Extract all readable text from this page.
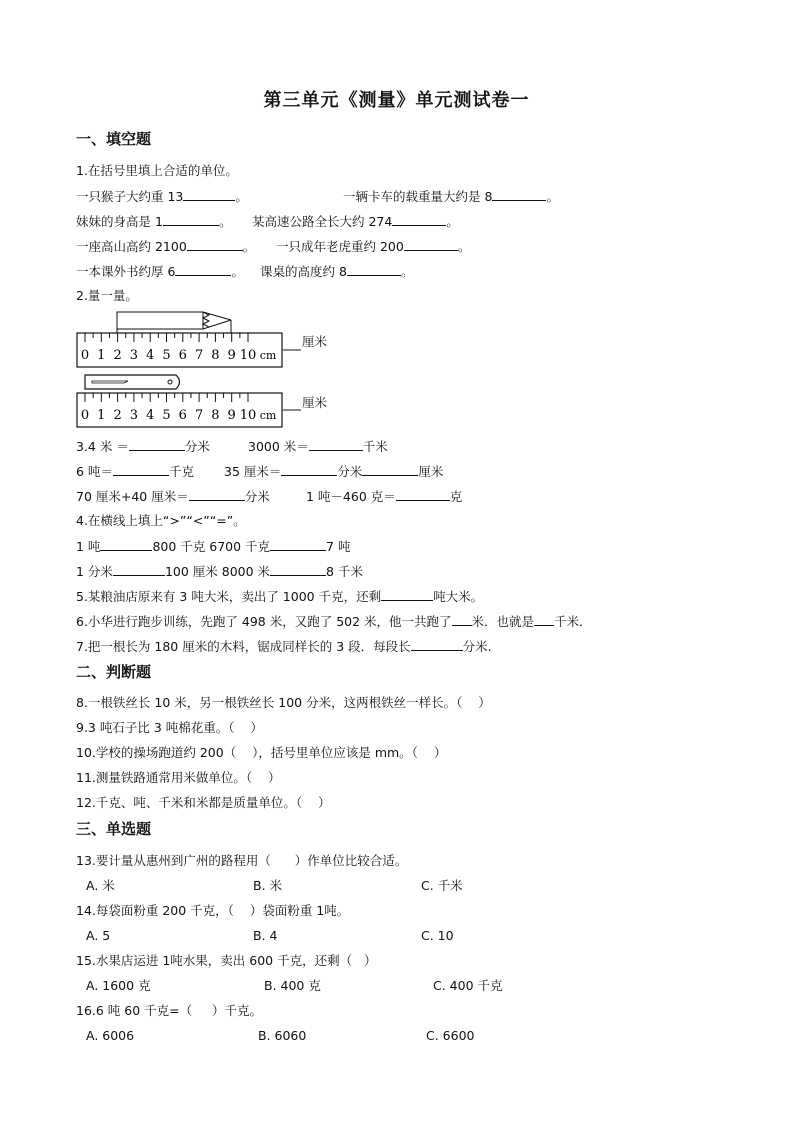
第三单元《测量》单元测试卷一
一、填空题
1.在括号里填上合适的单位。
一只猴子大约重 13	。	一辆卡车的载重量大约是 8	。
妹妹的身高是 1	。 某高速公路全长大约 274	。
一座高山高约 2100	。 一只成年老虎重约 200	。
一本课外书约厚 6	。 课桌的高度约 8	。
2.量一量。
0 1 2 3 4 5 6 7 8 9 10 cm
0 1 2 3 4 5 6 7 8 9 10 cm
厘米
厘米
3.4 米 ＝	分米	3000 米＝	千米
6 吨＝	千克 35 厘米＝	分米	厘米
70 厘米+40 厘米＝	分米	1 吨－460 克＝	克
4.在横线上填上“>”“<”“=”。
1 吨	800 千克 6700 千克	7 吨
1 分米	100 厘米 8000 米	8 千米
5.某粮油店原来有 3 吨大米，卖出了 1000 千克，还剩	吨大米。
6.小华进行跑步训练，先跑了 498 米，又跑了 502 米，他一共跑了 米．也就是 千米．
7.把一根长为 180 厘米的木料，锯成同样长的 3 段．每段长	分米.
二、判断题
8.一根铁丝长 10 米，另一根铁丝长 100 分米，这两根铁丝一样长。（    ）
9.3 吨石子比 3 吨棉花重。（    ）
10.学校的操场跑道约 200（    ），括号里单位应该是 mm。（    ）
11.测量铁路通常用米做单位。（    ）
12.千克、吨、千米和米都是质量单位。（    ）
三、单选题
13.要计量从惠州到广州的路程用（      ）作单位比较合适。
A. 米	B. 米	C. 千米
14.每袋面粉重 200 千克，（    ）袋面粉重 1吨。
A. 5	B. 4	C. 10
15.水果店运进 1吨水果，卖出 600 千克，还剩（   ）
A. 1600 克	B. 400 克	C. 400 千克
16.6 吨 60 千克=（     ）千克。
A. 6006	B. 6060	C. 6600
